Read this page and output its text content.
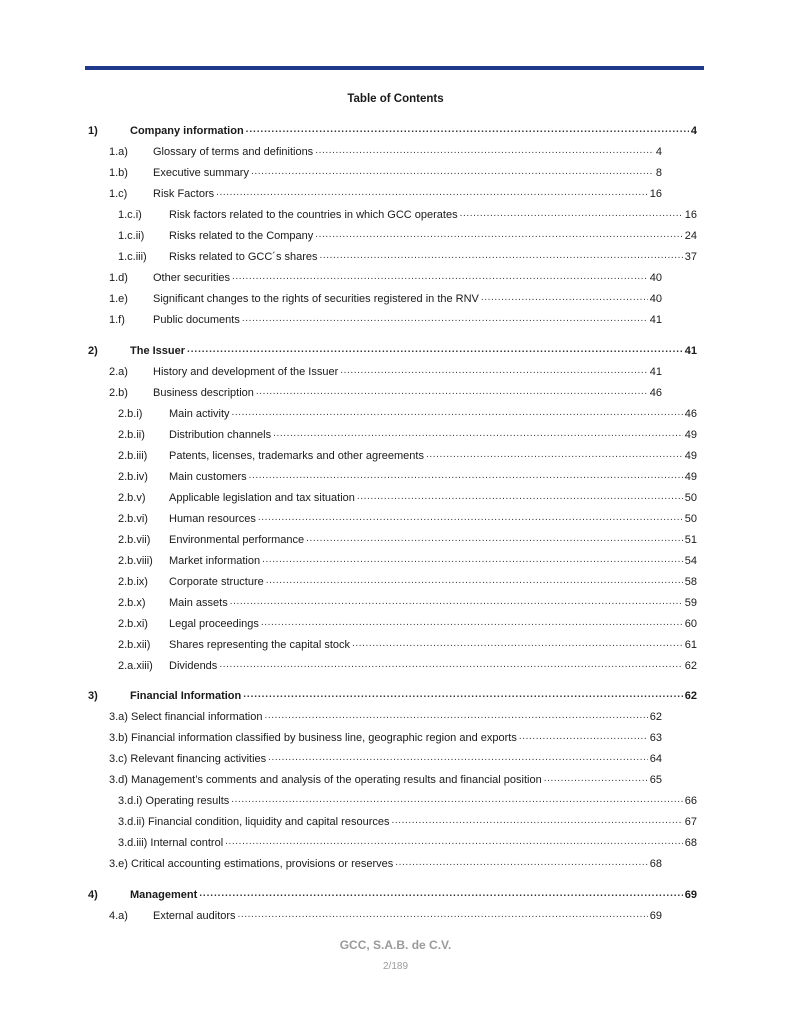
Table of Contents
1)	Company information .....	4
1.a)	Glossary of terms and definitions .....	4
1.b)	Executive summary .....	8
1.c)	Risk Factors .....	16
1.c.i)	Risk factors related to the countries in which GCC operates .....	16
1.c.ii)	Risks related to the Company .....	24
1.c.iii)	Risks related to GCC´s shares .....	37
1.d)	Other securities .....	40
1.e)	Significant changes to the rights of securities registered in the RNV .....	40
1.f)	Public documents .....	41
2)	The Issuer .....	41
2.a)	History and development of the Issuer .....	41
2.b)	Business description .....	46
2.b.i)	Main activity .....	46
2.b.ii)	Distribution channels .....	49
2.b.iii)	Patents, licenses, trademarks and other agreements .....	49
2.b.iv)	Main customers .....	49
2.b.v)	Applicable legislation and tax situation .....	50
2.b.vi)	Human resources .....	50
2.b.vii)	Environmental performance .....	51
2.b.viii)	Market information .....	54
2.b.ix)	Corporate structure .....	58
2.b.x)	Main assets .....	59
2.b.xi)	Legal proceedings .....	60
2.b.xii)	Shares representing the capital stock .....	61
2.a.xiii)	Dividends .....	62
3)	Financial Information .....	62
3.a) Select financial information .....	62
3.b) Financial information classified by business line, geographic region and exports .....	63
3.c) Relevant financing activities .....	64
3.d) Management’s comments and analysis of the operating results and financial position .....	65
3.d.i) Operating results .....	66
3.d.ii) Financial condition, liquidity and capital resources .....	67
3.d.iii) Internal control .....	68
3.e) Critical accounting estimations, provisions or reserves .....	68
4)	Management .....	69
4.a)	External auditors .....	69
GCC, S.A.B. de C.V.
2/189
